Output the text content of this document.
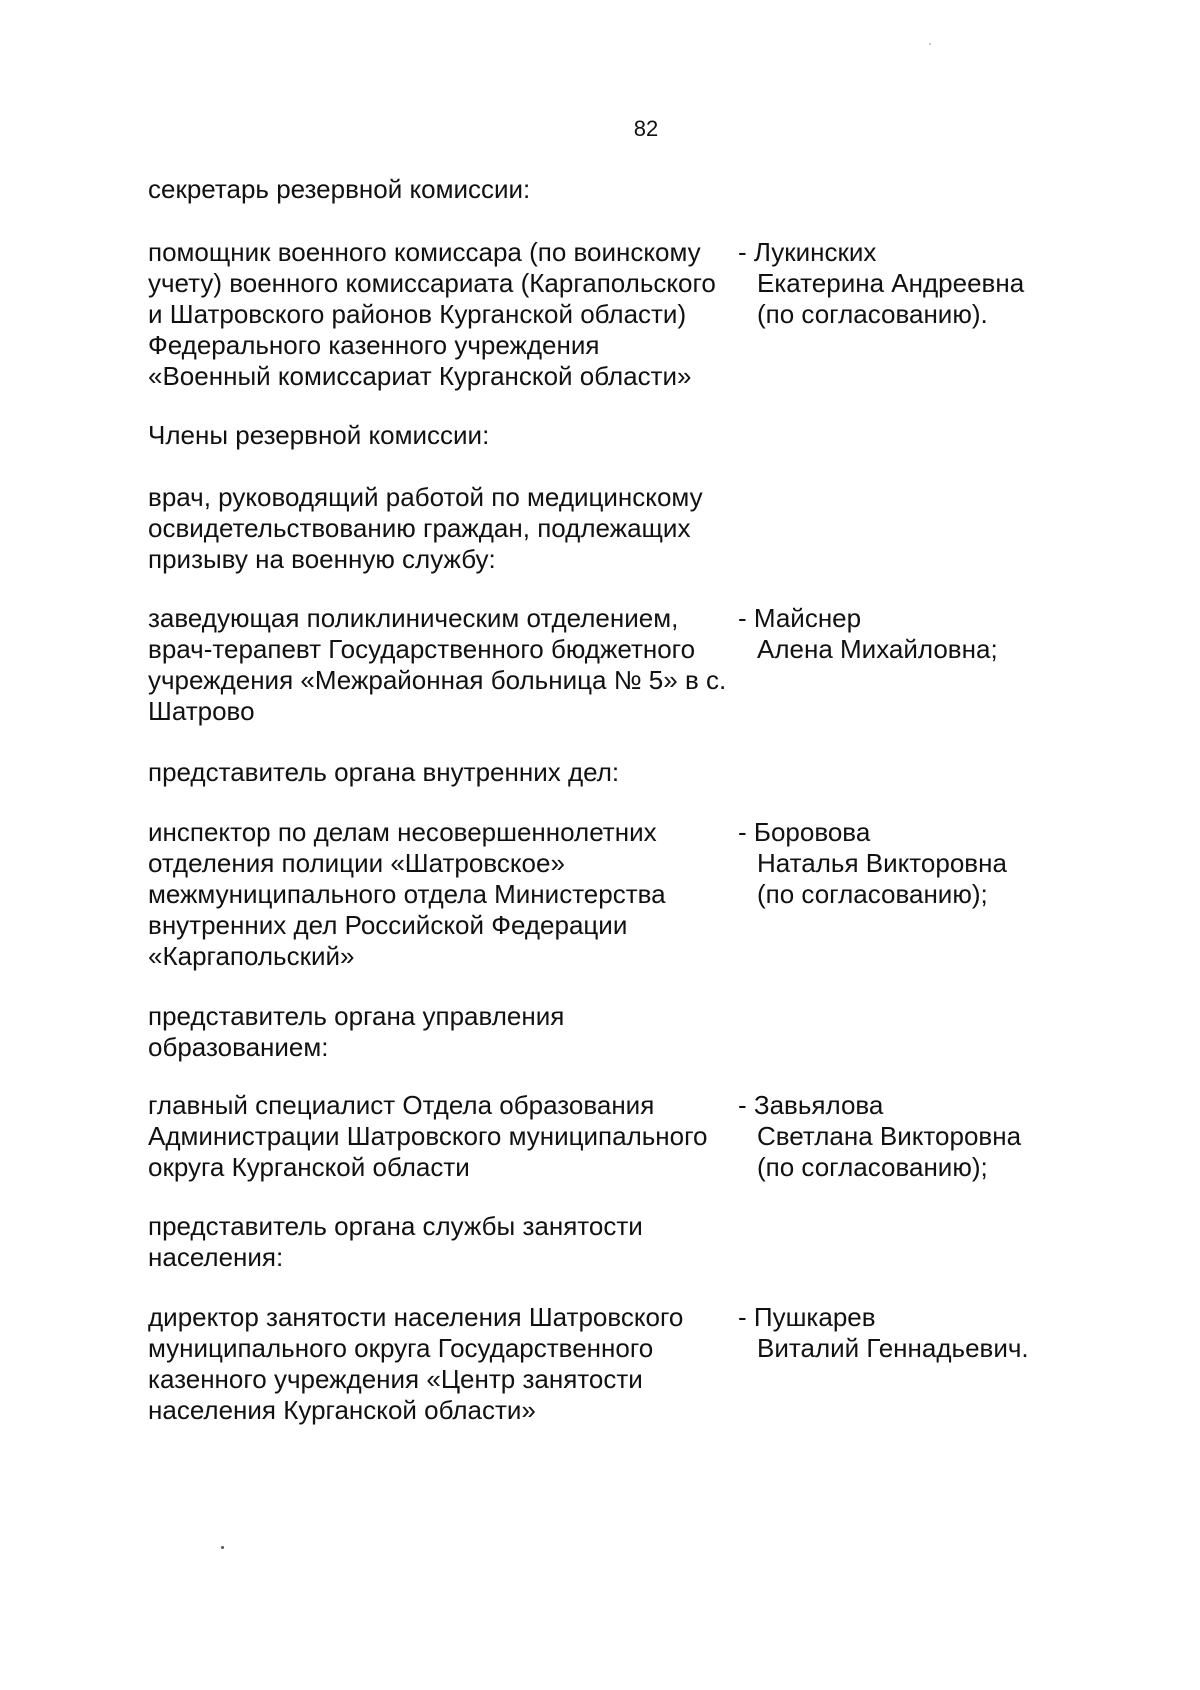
82
секретарь резервной комиссии:
помощник военного комиссара (по воинскому
учету) военного комиссариата (Каргапольского
и Шатровского районов Курганской области)
Федерального казенного учреждения
«Военный комиссариат Курганской области»
- Лукинских
Екатерина Андреевна
(по согласованию).
Члены резервной комиссии:
врач, руководящий работой по медицинскому
освидетельствованию граждан, подлежащих
призыву на военную службу:
заведующая поликлиническим отделением,
врач-терапевт Государственного бюджетного
учреждения «Межрайонная больница № 5» в с.
Шатрово
- Майснер
Алена Михайловна;
представитель органа внутренних дел:
инспектор по делам несовершеннолетних
отделения полиции «Шатровское»
межмуниципального отдела Министерства
внутренних дел Российской Федерации
«Каргапольский»
- Боровова
Наталья Викторовна
(по согласованию);
представитель органа управления
образованием:
главный специалист Отдела образования
Администрации Шатровского муниципального
округа Курганской области
- Завьялова
Светлана Викторовна
(по согласованию);
представитель органа службы занятости
населения:
директор занятости населения Шатровского
муниципального округа Государственного
казенного учреждения «Центр занятости
населения Курганской области»
- Пушкарев
Виталий Геннадьевич.
